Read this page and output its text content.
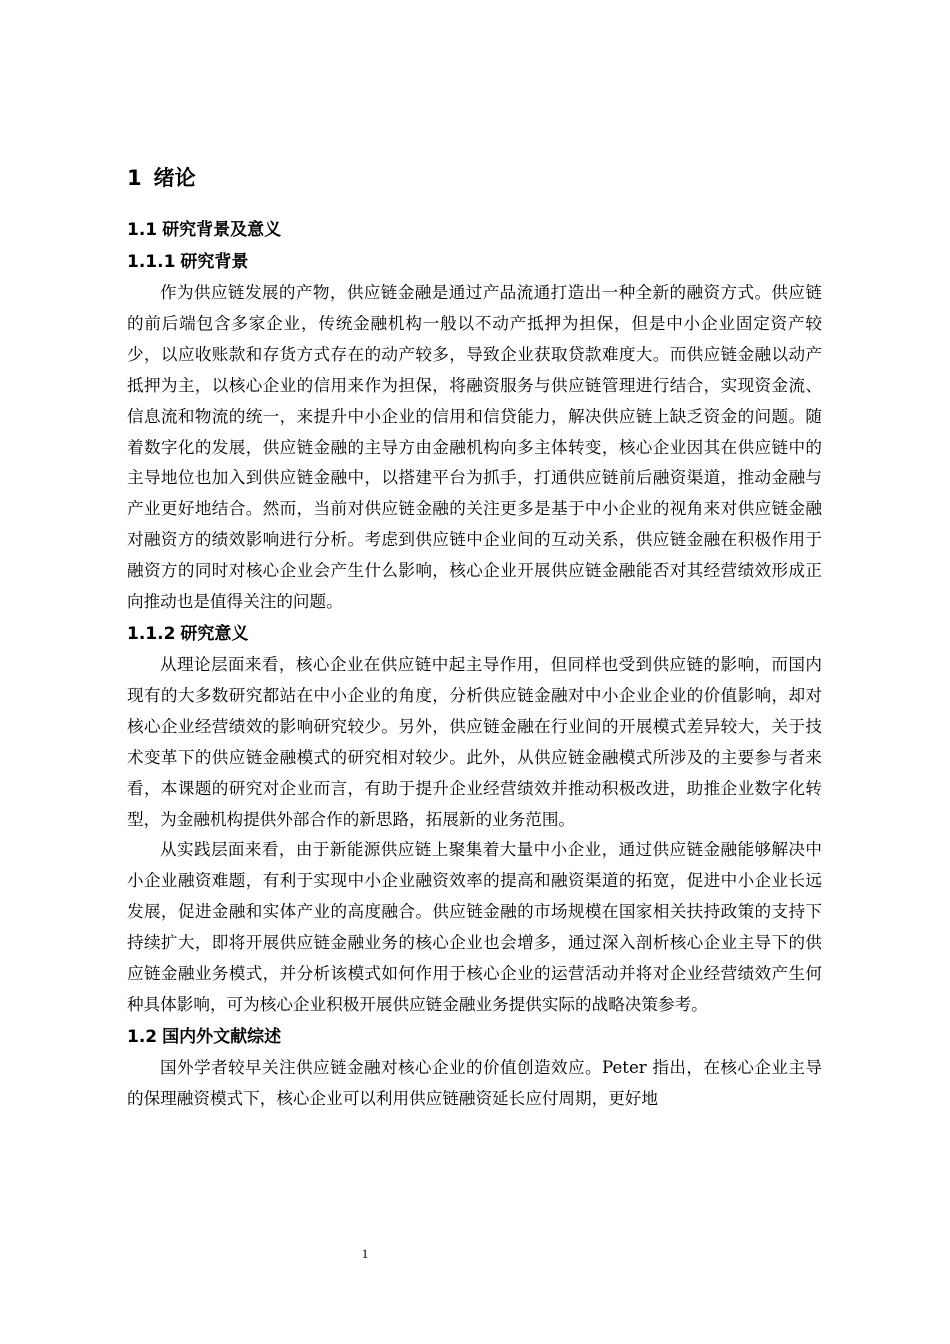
1 绪论
1.1 研究背景及意义
1.1.1 研究背景

作为供应链发展的产物，供应链金融是通过产品流通打造出一种全新的融资方式。供应链的前后端包含多家企业，传统金融机构一般以不动产抵押为担保，但是中小企业固定资产较少，以应收账款和存货方式存在的动产较多，导致企业获取贷款难度大。而供应链金融以动产抵押为主，以核心企业的信用来作为担保，将融资服务与供应链管理进行结合，实现资金流、信息流和物流的统一，来提升中小企业的信用和信贷能力，解决供应链上缺乏资金的问题。随着数字化的发展，供应链金融的主导方由金融机构向多主体转变，核心企业因其在供应链中的主导地位也加入到供应链金融中，以搭建平台为抓手，打通供应链前后融资渠道，推动金融与产业更好地结合。然而，当前对供应链金融的关注更多是基于中小企业的视角来对供应链金融对融资方的绩效影响进行分析。考虑到供应链中企业间的互动关系，供应链金融在积极作用于融资方的同时对核心企业会产生什么影响，核心企业开展供应链金融能否对其经营绩效形成正向推动也是值得关注的问题。

1.1.2 研究意义

从理论层面来看，核心企业在供应链中起主导作用，但同样也受到供应链的影响，而国内现有的大多数研究都站在中小企业的角度，分析供应链金融对中小企业企业的价值影响，却对核心企业经营绩效的影响研究较少。另外，供应链金融在行业间的开展模式差异较大，关于技术变革下的供应链金融模式的研究相对较少。此外，从供应链金融模式所涉及的主要参与者来看，本课题的研究对企业而言，有助于提升企业经营绩效并推动积极改进，助推企业数字化转型，为金融机构提供外部合作的新思路，拓展新的业务范围。

从实践层面来看，由于新能源供应链上聚集着大量中小企业，通过供应链金融能够解决中小企业融资难题，有利于实现中小企业融资效率的提高和融资渠道的拓宽，促进中小企业长远发展，促进金融和实体产业的高度融合。供应链金融的市场规模在国家相关扶持政策的支持下持续扩大，即将开展供应链金融业务的核心企业也会增多，通过深入剖析核心企业主导下的供应链金融业务模式，并分析该模式如何作用于核心企业的运营活动并将对企业经营绩效产生何种具体影响，可为核心企业积极开展供应链金融业务提供实际的战略决策参考。

1.2 国内外文献综述

国外学者较早关注供应链金融对核心企业的价值创造效应。Peter 指出，在核心企业主导的保理融资模式下，核心企业可以利用供应链融资延长应付周期，更好地

1
